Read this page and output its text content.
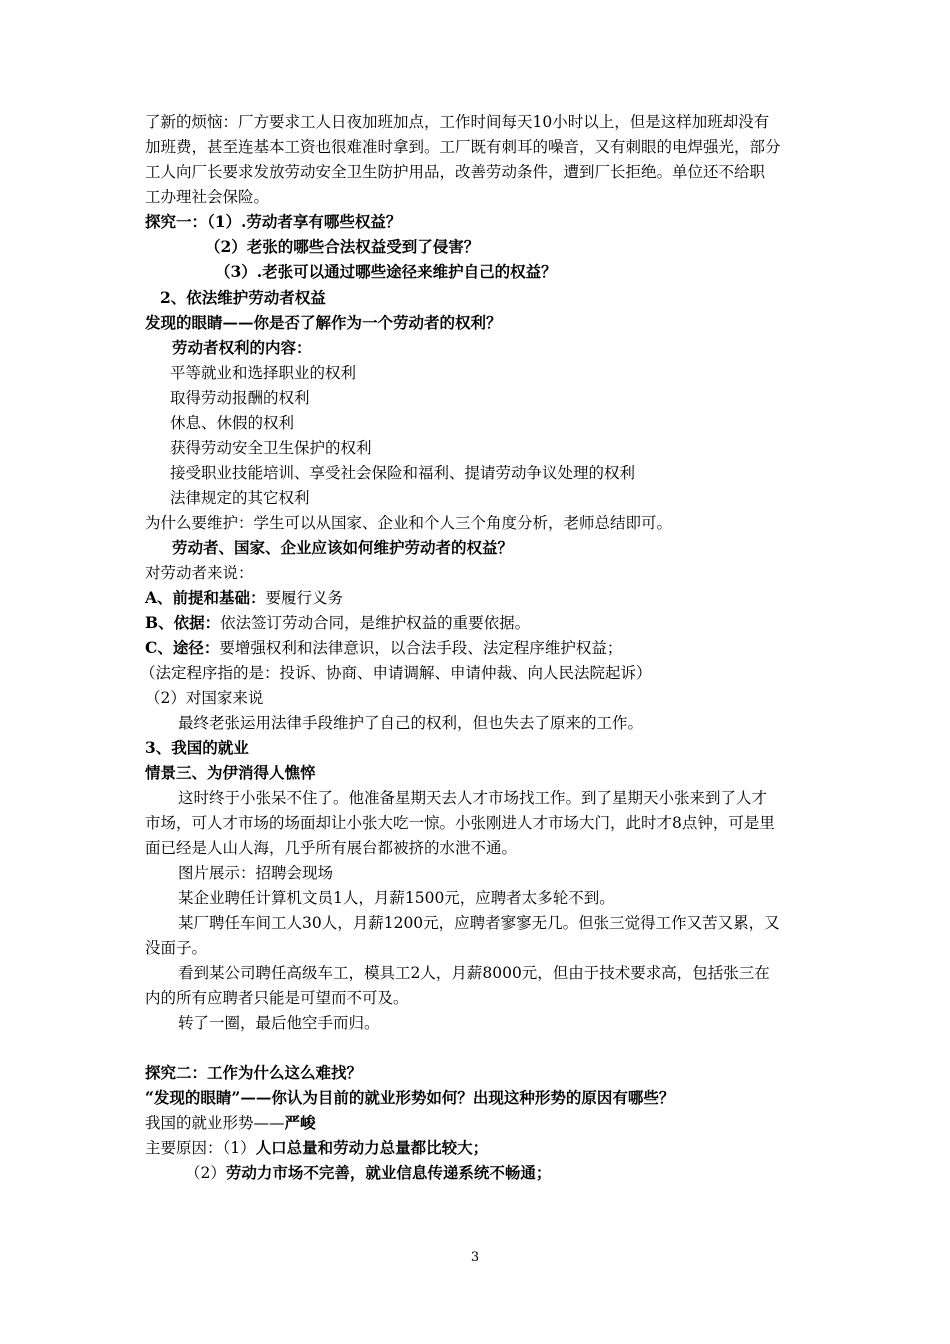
了新的烦恼：厂方要求工人日夜加班加点，工作时间每天10小时以上，但是这样加班却没有
加班费，甚至连基本工资也很难准时拿到。工厂既有刺耳的噪音，又有刺眼的电焊强光，部分
工人向厂长要求发放劳动安全卫生防护用品，改善劳动条件，遭到厂长拒绝。单位还不给职
工办理社会保险。
探究一：（1）.劳动者享有哪些权益？
（2）老张的哪些合法权益受到了侵害？
（3）.老张可以通过哪些途径来维护自己的权益？
2、依法维护劳动者权益
发现的眼睛——你是否了解作为一个劳动者的权利？
劳动者权利的内容：
平等就业和选择职业的权利
取得劳动报酬的权利
休息、休假的权利
获得劳动安全卫生保护的权利
接受职业技能培训、享受社会保险和福利、提请劳动争议处理的权利
法律规定的其它权利
为什么要维护：学生可以从国家、企业和个人三个角度分析，老师总结即可。
劳动者、国家、企业应该如何维护劳动者的权益？
对劳动者来说：
A、前提和基础：要履行义务
B、依据：依法签订劳动合同，是维护权益的重要依据。
C、途径：要增强权利和法律意识，以合法手段、法定程序维护权益；
（法定程序指的是：投诉、协商、申请调解、申请仲裁、向人民法院起诉）
（2）对国家来说
最终老张运用法律手段维护了自己的权利，但也失去了原来的工作。
3、我国的就业
情景三、为伊消得人憔悴
这时终于小张呆不住了。他准备星期天去人才市场找工作。到了星期天小张来到了人才
市场，可人才市场的场面却让小张大吃一惊。小张刚进人才市场大门，此时才8点钟，可是里
面已经是人山人海，几乎所有展台都被挤的水泄不通。
图片展示：招聘会现场
某企业聘任计算机文员1人，月薪1500元，应聘者太多轮不到。
某厂聘任车间工人30人，月薪1200元，应聘者寥寥无几。但张三觉得工作又苦又累，又
没面子。
看到某公司聘任高级车工，模具工2人，月薪8000元，但由于技术要求高，包括张三在
内的所有应聘者只能是可望而不可及。
转了一圈，最后他空手而归。
探究二：工作为什么这么难找？
“发现的眼睛”——你认为目前的就业形势如何？出现这种形势的原因有哪些？
我国的就业形势——严峻
主要原因：（1）人口总量和劳动力总量都比较大；
（2）劳动力市场不完善，就业信息传递系统不畅通；
3
